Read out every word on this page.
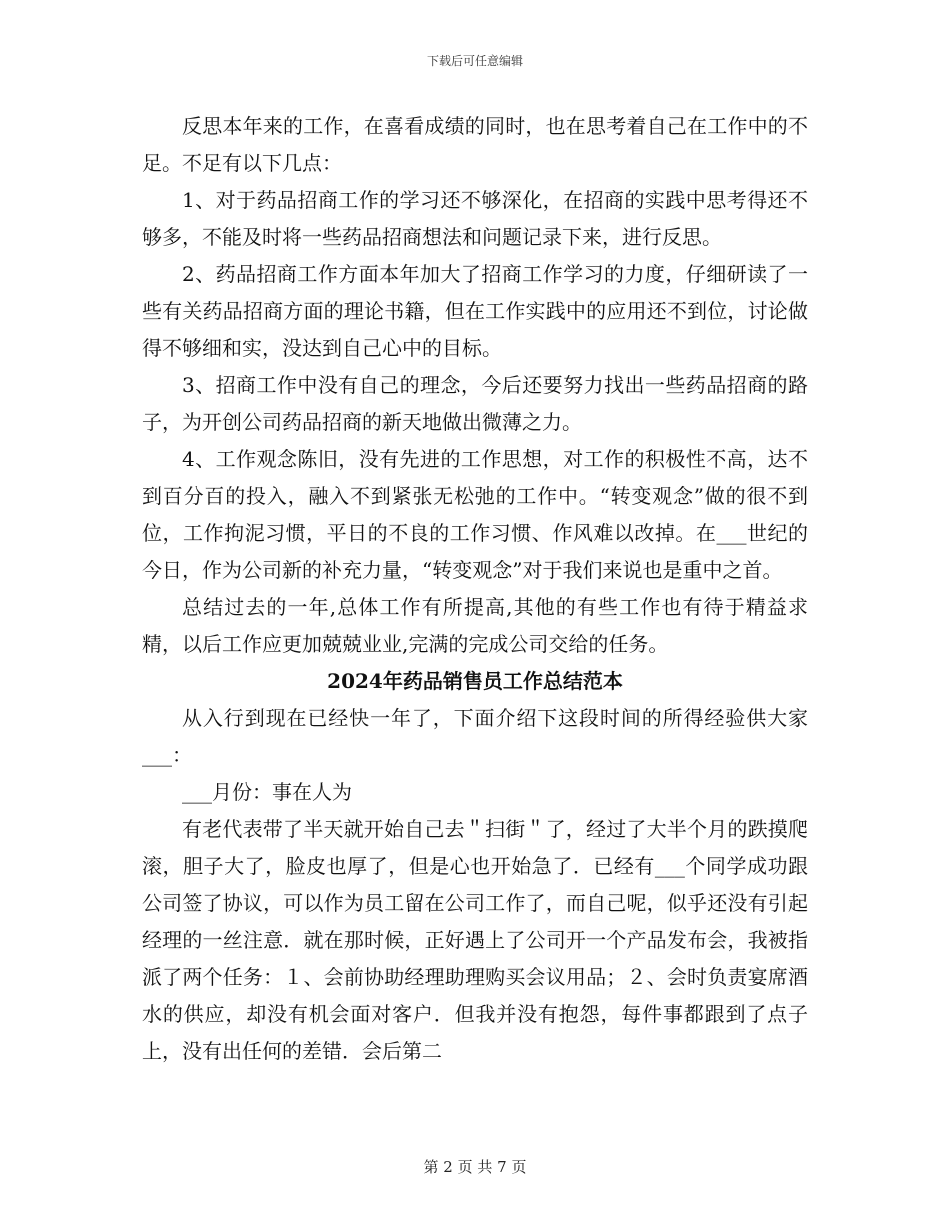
下载后可任意编辑

反思本年来的工作，在喜看成绩的同时，也在思考着自己在工作中的不足。不足有以下几点：

1、对于药品招商工作的学习还不够深化，在招商的实践中思考得还不够多，不能及时将一些药品招商想法和问题记录下来，进行反思。

2、药品招商工作方面本年加大了招商工作学习的力度，仔细研读了一些有关药品招商方面的理论书籍，但在工作实践中的应用还不到位，讨论做得不够细和实，没达到自己心中的目标。

3、招商工作中没有自己的理念，今后还要努力找出一些药品招商的路子，为开创公司药品招商的新天地做出微薄之力。

4、工作观念陈旧，没有先进的工作思想，对工作的积极性不高，达不到百分百的投入，融入不到紧张无松弛的工作中。“转变观念”做的很不到位，工作拘泥习惯，平日的不良的工作习惯、作风难以改掉。在___世纪的今日，作为公司新的补充力量，“转变观念”对于我们来说也是重中之首。

总结过去的一年,总体工作有所提高,其他的有些工作也有待于精益求精，以后工作应更加兢兢业业,完满的完成公司交给的任务。

2024年药品销售员工作总结范本

从入行到现在已经快一年了，下面介绍下这段时间的所得经验供大家___：

___月份：事在人为

有老代表带了半天就开始自己去＂扫街＂了，经过了大半个月的跌摸爬滚，胆子大了，脸皮也厚了，但是心也开始急了．已经有___个同学成功跟公司签了协议，可以作为员工留在公司工作了，而自己呢，似乎还没有引起经理的一丝注意．就在那时候，正好遇上了公司开一个产品发布会，我被指派了两个任务：１、会前协助经理助理购买会议用品；２、会时负责宴席酒水的供应，却没有机会面对客户．但我并没有抱怨，每件事都跟到了点子上，没有出任何的差错．会后第二

第 2 页 共 7 页
